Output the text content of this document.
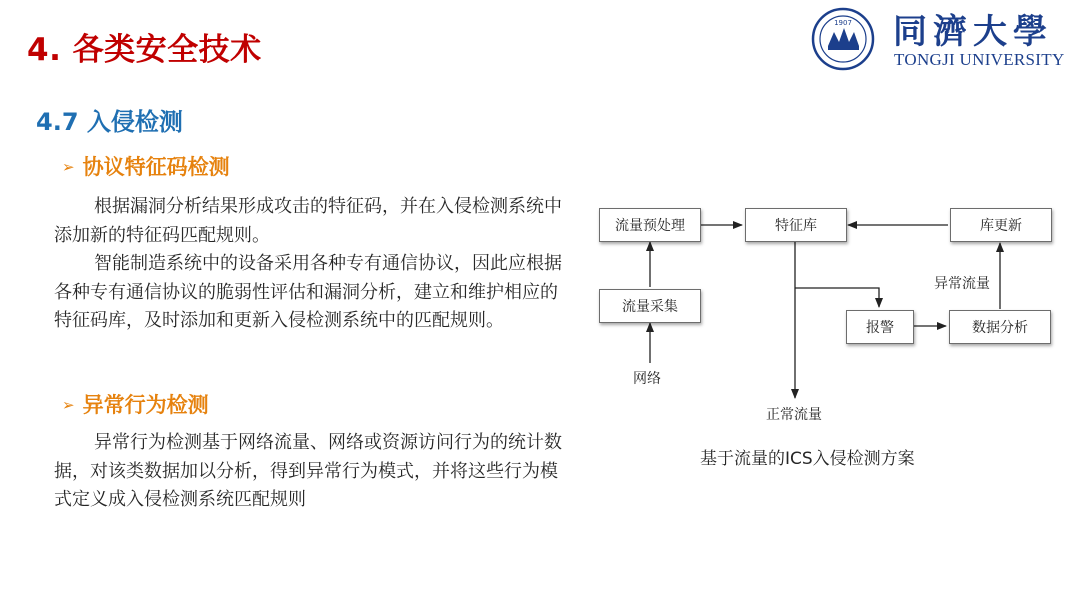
4. 各类安全技术
1907 同濟大學
TONGJI UNIVERSITY
4.7 入侵检测
➢ 协议特征码检测

根据漏洞分析结果形成攻击的特征码，并在入侵检测系统中添加新的特征码匹配规则。

智能制造系统中的设备采用各种专有通信协议，因此应根据各种专有通信协议的脆弱性评估和漏洞分析，建立和维护相应的特征码库，及时添加和更新入侵检测系统中的匹配规则。

➢ 异常行为检测

异常行为检测基于网络流量、网络或资源访问行为的统计数据，对该类数据加以分析，得到异常行为模式，并将这些行为模式定义成入侵检测系统匹配规则

流量预处理	特征库	库更新
流量采集
报警	数据分析
网络
正常流量
异常流量
基于流量的ICS入侵检测方案
